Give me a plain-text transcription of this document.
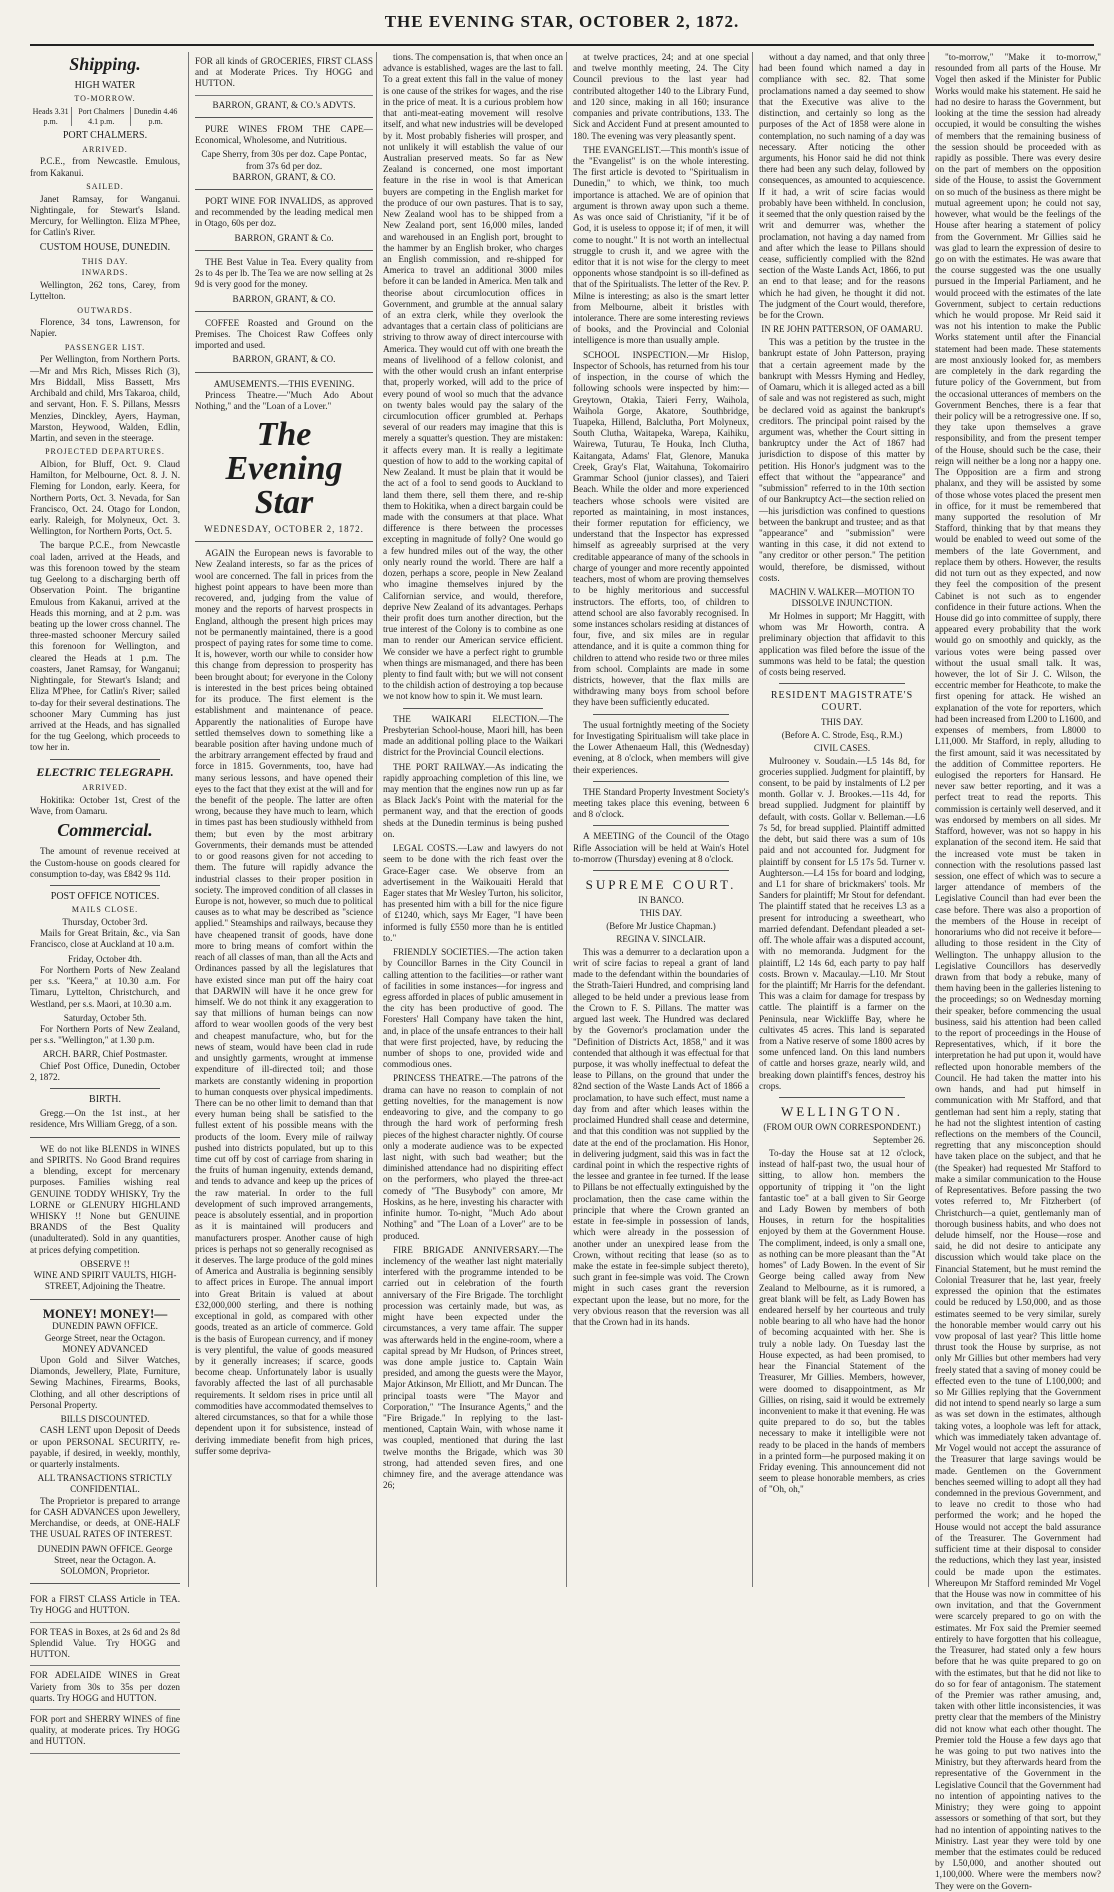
THE EVENING STAR, OCTOBER 2, 1872.
Shipping.
HIGH WATER
TO-MORROW.
Heads 3.31 p.m.	Port Chalmers 4.1 p.m.	Dunedin 4.46 p.m.
PORT CHALMERS.
ARRIVED.

P.C.E., from Newcastle. Emulous, from Kakanui.

SAILED.

Janet Ramsay, for Wanganui. Nightingale, for Stewart's Island. Mercury, for Wellington. Eliza M'Phee, for Catlin's River.

CUSTOM HOUSE, DUNEDIN.
THIS DAY.
INWARDS.

Wellington, 262 tons, Carey, from Lyttelton.

OUTWARDS.

Florence, 34 tons, Lawrenson, for Napier.

PASSENGER LIST.

Per Wellington, from Northern Ports.—Mr and Mrs Rich, Misses Rich (3), Mrs Biddall, Miss Bassett, Mrs Archibald and child, Mrs Takaroa, child, and servant, Hon. F. S. Pillans, Messrs Menzies, Dinckley, Ayers, Hayman, Marston, Heywood, Walden, Edlin, Martin, and seven in the steerage.

PROJECTED DEPARTURES.

Albion, for Bluff, Oct. 9. Claud Hamilton, for Melbourne, Oct. 8. J. N. Fleming for London, early. Keera, for Northern Ports, Oct. 3. Nevada, for San Francisco, Oct. 24. Otago for London, early. Raleigh, for Molyneux, Oct. 3. Wellington, for Northern Ports, Oct. 5.

The barque P.C.E., from Newcastle coal laden, arrived at the Heads, and was this forenoon towed by the steam tug Geelong to a discharging berth off Observation Point. The brigantine Emulous from Kakanui, arrived at the Heads this morning, and at 2 p.m. was beating up the lower cross channel. The three-masted schooner Mercury sailed this forenoon for Wellington, and cleared the Heads at 1 p.m. The coasters, Janet Ramsay, for Wanganui; Nightingale, for Stewart's Island; and Eliza M'Phee, for Catlin's River; sailed to-day for their several destinations. The schooner Mary Cumming has just arrived at the Heads, and has signalled for the tug Geelong, which proceeds to tow her in.

ELECTRIC TELEGRAPH.
ARRIVED.

Hokitika: October 1st, Crest of the Wave, from Oamaru.

Commercial.

The amount of revenue received at the Custom-house on goods cleared for consumption to-day, was £842 9s 11d.

POST OFFICE NOTICES.
MAILS CLOSE.
Thursday, October 3rd.

Mails for Great Britain, &c., via San Francisco, close at Auckland at 10 a.m.

Friday, October 4th.

For Northern Ports of New Zealand per s.s. "Keera," at 10.30 a.m. For Timaru, Lyttelton, Christchurch, and Westland, per s.s. Maori, at 10.30 a.m.

Saturday, October 5th.

For Northern Ports of New Zealand, per s.s. "Wellington," at 1.30 p.m.

ARCH. BARR, Chief Postmaster.

Chief Post Office, Dunedin, October 2, 1872.

BIRTH.

Gregg.—On the 1st inst., at her residence, Mrs William Gregg, of a son.

WE do not like BLENDS in WINES and SPIRITS. No Good Brand requires a blending, except for mercenary purposes. Families wishing real GENUINE TODDY WHISKY, Try the LORNE or GLENURY HIGHLAND WHISKY !! None but GENUINE BRANDS of the Best Quality (unadulterated). Sold in any quantities, at prices defying competition.

OBSERVE !!
WINE AND SPIRIT VAULTS, HIGH-STREET, Adjoining the Theatre.
MONEY! MONEY!—
DUNEDIN PAWN OFFICE.
George Street, near the Octagon.
MONEY ADVANCED

Upon Gold and Silver Watches, Diamonds, Jewellery, Plate, Furniture, Sewing Machines, Firearms, Books, Clothing, and all other descriptions of Personal Property.

BILLS DISCOUNTED.

CASH LENT upon Deposit of Deeds or upon PERSONAL SECURITY, re-payable, if desired, in weekly, monthly, or quarterly instalments.

ALL TRANSACTIONS STRICTLY CONFIDENTIAL.

The Proprietor is prepared to arrange for CASH ADVANCES upon Jewellery, Merchandise, or deeds, at ONE-HALF THE USUAL RATES OF INTEREST.

DUNEDIN PAWN OFFICE. George Street, near the Octagon. A. SOLOMON, Proprietor.
FOR a FIRST CLASS Article in TEA. Try HOGG and HUTTON.
FOR TEAS in Boxes, at 2s 6d and 2s 8d Splendid Value. Try HOGG and HUTTON.
FOR ADELAIDE WINES in Great Variety from 30s to 35s per dozen quarts. Try HOGG and HUTTON.
FOR port and SHERRY WINES of fine quality, at moderate prices. Try HOGG and HUTTON.
FOR all kinds of GROCERIES, FIRST CLASS and at Moderate Prices. Try HOGG and HUTTON.
BARRON, GRANT, & CO.'s ADVTS.

PURE WINES FROM THE CAPE—Economical, Wholesome, and Nutritious.

Cape Sherry, from 30s per doz. Cape Pontac, from 37s 6d per doz.
BARRON, GRANT, & CO.

PORT WINE FOR INVALIDS, as approved and recommended by the leading medical men in Otago, 60s per doz.

BARRON, GRANT & Co.

THE Best Value in Tea. Every quality from 2s to 4s per lb. The Tea we are now selling at 2s 9d is very good for the money.

BARRON, GRANT, & CO.

COFFEE Roasted and Ground on the Premises. The Choicest Raw Coffees only imported and used.

BARRON, GRANT, & CO.
AMUSEMENTS.—THIS EVENING.

Princess Theatre.—"Much Ado About Nothing," and the "Loan of a Lover."

The Evening Star
WEDNESDAY, OCTOBER 2, 1872.

AGAIN the European news is favorable to New Zealand interests, so far as the prices of wool are concerned. The fall in prices from the highest point appears to have been more than recovered, and, judging from the value of money and the reports of harvest prospects in England, although the present high prices may not be permanently maintained, there is a good prospect of paying rates for some time to come. It is, however, worth our while to consider how this change from depression to prosperity has been brought about; for everyone in the Colony is interested in the best prices being obtained for its produce. The first element is the establishment and maintenance of peace. Apparently the nationalities of Europe have settled themselves down to something like a bearable position after having undone much of the arbitrary arrangement effected by fraud and force in 1815. Governments, too, have had many serious lessons, and have opened their eyes to the fact that they exist at the will and for the benefit of the people. The latter are often wrong, because they have much to learn, which in times past has been studiously withheld from them; but even by the most arbitrary Governments, their demands must be attended to or good reasons given for not acceding to them. The future will rapidly advance the industrial classes to their proper position in society. The improved condition of all classes in Europe is not, however, so much due to political causes as to what may be described as "science applied." Steamships and railways, because they have cheapened transit of goods, have done more to bring means of comfort within the reach of all classes of man, than all the Acts and Ordinances passed by all the legislatures that have existed since man put off the hairy coat that DARWIN will have it he once grew for himself. We do not think it any exaggeration to say that millions of human beings can now afford to wear woollen goods of the very best and cheapest manufacture, who, but for the news of steam, would have been clad in rude and unsightly garments, wrought at immense expenditure of ill-directed toil; and those markets are constantly widening in proportion to human conquests over physical impediments. There can be no other limit to demand than that every human being shall be satisfied to the fullest extent of his possible means with the products of the loom. Every mile of railway pushed into districts populated, but up to this time cut off by cost of carriage from sharing in the fruits of human ingenuity, extends demand, and tends to advance and keep up the prices of the raw material. In order to the full development of such improved arrangements, peace is absolutely essential, and in proportion as it is maintained will producers and manufacturers prosper. Another cause of high prices is perhaps not so generally recognised as it deserves. The large produce of the gold mines of America and Australia is beginning sensibly to affect prices in Europe. The annual import into Great Britain is valued at about £32,000,000 sterling, and there is nothing exceptional in gold, as compared with other goods, treated as an article of commerce. Gold is the basis of European currency, and if money is very plentiful, the value of goods measured by it generally increases; if scarce, goods become cheap. Unfortunately labor is usually favorably affected the last of all purchasable requirements. It seldom rises in price until all commodities have accommodated themselves to altered circumstances, so that for a while those dependent upon it for subsistence, instead of deriving immediate benefit from high prices, suffer some depriva-

tions. The compensation is, that when once an advance is established, wages are the last to fall. To a great extent this fall in the value of money is one cause of the strikes for wages, and the rise in the price of meat. It is a curious problem how that anti-meat-eating movement will resolve itself, and what new industries will be developed by it. Most probably fisheries will prosper, and not unlikely it will establish the value of our Australian preserved meats. So far as New Zealand is concerned, one most important feature in the rise in wool is that American buyers are competing in the English market for the produce of our own pastures. That is to say, New Zealand wool has to be shipped from a New Zealand port, sent 16,000 miles, landed and warehoused in an English port, brought to the hammer by an English broker, who charges an English commission, and re-shipped for America to travel an additional 3000 miles before it can be landed in America. Men talk and theorise about circumlocution offices in Government, and grumble at the annual salary of an extra clerk, while they overlook the advantages that a certain class of politicians are striving to throw away of direct intercourse with America. They would cut off with one breath the means of livelihood of a fellow colonist, and with the other would crush an infant enterprise that, properly worked, will add to the price of every pound of wool so much that the advance on twenty bales would pay the salary of the circumlocution officer grumbled at. Perhaps several of our readers may imagine that this is merely a squatter's question. They are mistaken: it affects every man. It is really a legitimate question of how to add to the working capital of New Zealand. It must be plain that it would be the act of a fool to send goods to Auckland to land them there, sell them there, and re-ship them to Hokitika, when a direct bargain could be made with the consumers at that place. What difference is there between the processes excepting in magnitude of folly? One would go a few hundred miles out of the way, the other only nearly round the world. There are half a dozen, perhaps a score, people in New Zealand who imagine themselves injured by the Californian service, and would, therefore, deprive New Zealand of its advantages. Perhaps their profit does turn another direction, but the true interest of the Colony is to combine as one man to render our American service efficient. We consider we have a perfect right to grumble when things are mismanaged, and there has been plenty to find fault with; but we will not consent to the childish action of destroying a top because we not know how to spin it. We must learn.

THE WAIKARI ELECTION.—The Presbyterian School-house, Maori hill, has been made an additional polling place to the Waikari district for the Provincial Council elections.

THE PORT RAILWAY.—As indicating the rapidly approaching completion of this line, we may mention that the engines now run up as far as Black Jack's Point with the material for the permanent way, and that the erection of goods sheds at the Dunedin terminus is being pushed on.

LEGAL COSTS.—Law and lawyers do not seem to be done with the rich feast over the Grace-Eager case. We observe from an advertisement in the Waikouaiti Herald that Eager states that Mr Wesley Turton, his solicitor, has presented him with a bill for the nice figure of £1240, which, says Mr Eager, "I have been informed is fully £550 more than he is entitled to."

FRIENDLY SOCIETIES.—The action taken by Councillor Barnes in the City Council in calling attention to the facilities—or rather want of facilities in some instances—for ingress and egress afforded in places of public amusement in the city has been productive of good. The Foresters' Hall Company have taken the hint, and, in place of the unsafe entrances to their hall that were first projected, have, by reducing the number of shops to one, provided wide and commodious ones.

PRINCESS THEATRE.—The patrons of the drama can have no reason to complain of not getting novelties, for the management is now endeavoring to give, and the company to go through the hard work of performing fresh pieces of the highest character nightly. Of course only a moderate audience was to be expected last night, with such bad weather; but the diminished attendance had no dispiriting effect on the performers, who played the three-act comedy of "The Busybody" con amore, Mr Hoskins, as he here, investing his character with infinite humor. To-night, "Much Ado about Nothing" and "The Loan of a Lover" are to be produced.

FIRE BRIGADE ANNIVERSARY.—The inclemency of the weather last night materially interfered with the programme intended to be carried out in celebration of the fourth anniversary of the Fire Brigade. The torchlight procession was certainly made, but was, as might have been expected under the circumstances, a very tame affair. The supper was afterwards held in the engine-room, where a capital spread by Mr Hudson, of Princes street, was done ample justice to. Captain Wain presided, and among the guests were the Mayor, Major Atkinson, Mr Elliott, and Mr Duncan. The principal toasts were "The Mayor and Corporation," "The Insurance Agents," and the "Fire Brigade." In replying to the last-mentioned, Captain Wain, with whose name it was coupled, mentioned that during the last twelve months the Brigade, which was 30 strong, had attended seven fires, and one chimney fire, and the average attendance was 26;

at twelve practices, 24; and at one special and twelve monthly meeting, 24. The City Council previous to the last year had contributed altogether 140 to the Library Fund, and 120 since, making in all 160; insurance companies and private contributions, 133. The Sick and Accident Fund at present amounted to 180. The evening was very pleasantly spent.

THE EVANGELIST.—This month's issue of the "Evangelist" is on the whole interesting. The first article is devoted to "Spiritualism in Dunedin," to which, we think, too much importance is attached. We are of opinion that argument is thrown away upon such a theme. As was once said of Christianity, "if it be of God, it is useless to oppose it; if of men, it will come to nought." It is not worth an intellectual struggle to crush it, and we agree with the editor that it is not wise for the clergy to meet opponents whose standpoint is so ill-defined as that of the Spiritualists. The letter of the Rev. P. Milne is interesting; as also is the smart letter from Melbourne, albeit it bristles with intolerance. There are some interesting reviews of books, and the Provincial and Colonial intelligence is more than usually ample.

SCHOOL INSPECTION.—Mr Hislop, Inspector of Schools, has returned from his tour of inspection, in the course of which the following schools were inspected by him:—Greytown, Otakia, Taieri Ferry, Waihola, Waihola Gorge, Akatore, Southbridge, Tuapeka, Hillend, Balclutha, Port Molyneux, South Clutha, Waitapeka, Warepa, Kaihiku, Wairewa, Tuturau, Te Houka, Inch Clutha, Kaitangata, Adams' Flat, Glenore, Manuka Creek, Gray's Flat, Waitahuna, Tokomairiro Grammar School (junior classes), and Taieri Beach. While the older and more experienced teachers whose schools were visited are reported as maintaining, in most instances, their former reputation for efficiency, we understand that the Inspector has expressed himself as agreeably surprised at the very creditable appearance of many of the schools in charge of younger and more recently appointed teachers, most of whom are proving themselves to be highly meritorious and successful instructors. The efforts, too, of children to attend school are also favorably recognised. In some instances scholars residing at distances of four, five, and six miles are in regular attendance, and it is quite a common thing for children to attend who reside two or three miles from school. Complaints are made in some districts, however, that the flax mills are withdrawing many boys from school before they have been sufficiently educated.

The usual fortnightly meeting of the Society for Investigating Spiritualism will take place in the Lower Athenaeum Hall, this (Wednesday) evening, at 8 o'clock, when members will give their experiences.

THE Standard Property Investment Society's meeting takes place this evening, between 6 and 8 o'clock.

A MEETING of the Council of the Otago Rifle Association will be held at Wain's Hotel to-morrow (Thursday) evening at 8 o'clock.

SUPREME COURT.
IN BANCO.
THIS DAY.
(Before Mr Justice Chapman.)
REGINA V. SINCLAIR.

This was a demurrer to a declaration upon a writ of scire facias to repeal a grant of land made to the defendant within the boundaries of the Strath-Taieri Hundred, and comprising land alleged to be held under a previous lease from the Crown to F. S. Pillans. The matter was argued last week. The Hundred was declared by the Governor's proclamation under the "Definition of Districts Act, 1858," and it was contended that although it was effectual for that purpose, it was wholly ineffectual to defeat the lease to Pillans, on the ground that under the 82nd section of the Waste Lands Act of 1866 a proclamation, to have such effect, must name a day from and after which leases within the proclaimed Hundred shall cease and determine, and that this condition was not supplied by the date at the end of the proclamation. His Honor, in delivering judgment, said this was in fact the cardinal point in which the respective rights of the lessee and grantee in fee turned. If the lease to Pillans be not effectually extinguished by the proclamation, then the case came within the principle that where the Crown granted an estate in fee-simple in possession of lands, which were already in the possession of another under an unexpired lease from the Crown, without reciting that lease (so as to make the estate in fee-simple subject thereto), such grant in fee-simple was void. The Crown might in such cases grant the reversion expectant upon the lease, but no more, for the very obvious reason that the reversion was all that the Crown had in its hands.

without a day named, and that only three had been found which named a day in compliance with sec. 82. That some proclamations named a day seemed to show that the Executive was alive to the distinction, and certainly so long as the purposes of the Act of 1858 were alone in contemplation, no such naming of a day was necessary. After noticing the other arguments, his Honor said he did not think there had been any such delay, followed by consequences, as amounted to acquiescence. If it had, a writ of scire facias would probably have been withheld. In conclusion, it seemed that the only question raised by the writ and demurrer was, whether the proclamation, not having a day named from and after which the lease to Pillans should cease, sufficiently complied with the 82nd section of the Waste Lands Act, 1866, to put an end to that lease; and for the reasons which he had given, he thought it did not. The judgment of the Court would, therefore, be for the Crown.

IN RE JOHN PATTERSON, OF OAMARU.

This was a petition by the trustee in the bankrupt estate of John Patterson, praying that a certain agreement made by the bankrupt with Messrs Hyming and Hedley, of Oamaru, which it is alleged acted as a bill of sale and was not registered as such, might be declared void as against the bankrupt's creditors. The principal point raised by the argument was, whether the Court sitting in bankruptcy under the Act of 1867 had jurisdiction to dispose of this matter by petition. His Honor's judgment was to the effect that without the "appearance" and "submission" referred to in the 10th section of our Bankruptcy Act—the section relied on—his jurisdiction was confined to questions between the bankrupt and trustee; and as that "appearance" and "submission" were wanting in this case, it did not extend to "any creditor or other person." The petition would, therefore, be dismissed, without costs.

MACHIN V. WALKER—MOTION TO DISSOLVE INJUNCTION.

Mr Holmes in support; Mr Haggitt, with whom was Mr Howorth, contra. A preliminary objection that affidavit to this application was filed before the issue of the summons was held to be fatal; the question of costs being reserved.

RESIDENT MAGISTRATE'S COURT.
THIS DAY.
(Before A. C. Strode, Esq., R.M.)
CIVIL CASES.

Mulrooney v. Soudain.—L5 14s 8d, for groceries supplied. Judgment for plaintiff, by consent, to be paid by instalments of L2 per month. Gollar v. J. Brookes.—11s 4d, for bread supplied. Judgment for plaintiff by default, with costs. Gollar v. Belleman.—L6 7s 5d, for bread supplied. Plaintiff admitted the debt, but said there was a sum of 10s paid and not accounted for. Judgment for plaintiff by consent for L5 17s 5d. Turner v. Aughterson.—L4 15s for board and lodging, and L1 for share of brickmakers' tools. Mr Sanders for plaintiff; Mr Stout for defendant. The plaintiff stated that he receives L3 as a present for introducing a sweetheart, who married defendant. Defendant pleaded a set-off. The whole affair was a disputed account, with no memoranda. Judgment for the plaintiff, L2 14s 6d, each party to pay half costs. Brown v. Macaulay.—L10. Mr Stout for the plaintiff; Mr Harris for the defendant. This was a claim for damage for trespass by cattle. The plaintiff is a farmer on the Peninsula, near Wickliffe Bay, where he cultivates 45 acres. This land is separated from a Native reserve of some 1800 acres by some unfenced land. On this land numbers of cattle and horses graze, nearly wild, and breaking down plaintiff's fences, destroy his crops.

WELLINGTON.
(FROM OUR OWN CORRESPONDENT.)
September 26.

To-day the House sat at 12 o'clock, instead of half-past two, the usual hour of sitting, to allow hon. members the opportunity of tripping it "on the light fantastic toe" at a ball given to Sir George and Lady Bowen by members of both Houses, in return for the hospitalities enjoyed by them at the Government House. The compliment, indeed, is only a small one, as nothing can be more pleasant than the "At homes" of Lady Bowen. In the event of Sir George being called away from New Zealand to Melbourne, as it is rumored, a great blank will be felt, as Lady Bowen has endeared herself by her courteous and truly noble bearing to all who have had the honor of becoming acquainted with her. She is truly a noble lady. On Tuesday last the House expected, as had been promised, to hear the Financial Statement of the Treasurer, Mr Gillies. Members, however, were doomed to disappointment, as Mr Gillies, on rising, said it would be extremely inconvenient to make it that evening. He was quite prepared to do so, but the tables necessary to make it intelligible were not ready to be placed in the hands of members in a printed form—he purposed making it on Friday evening. This announcement did not seem to please honorable members, as cries of "Oh, oh,"

"to-morrow," "Make it to-morrow," resounded from all parts of the House. Mr Vogel then asked if the Minister for Public Works would make his statement. He said he had no desire to harass the Government, but looking at the time the session had already occupied, it would be consulting the wishes of members that the remaining business of the session should be proceeded with as rapidly as possible. There was every desire on the part of members on the opposition side of the House, to assist the Government on so much of the business as there might be mutual agreement upon; he could not say, however, what would be the feelings of the House after hearing a statement of policy from the Government. Mr Gillies said he was glad to learn the expression of desire to go on with the estimates. He was aware that the course suggested was the one usually pursued in the Imperial Parliament, and he would proceed with the estimates of the late Government, subject to certain reductions which he would propose. Mr Reid said it was not his intention to make the Public Works statement until after the Financial statement had been made. These statements are most anxiously looked for, as members are completely in the dark regarding the future policy of the Government, but from the occasional utterances of members on the Government Benches, there is a fear that their policy will be a retrogressive one. If so, they take upon themselves a grave responsibility, and from the present temper of the House, should such be the case, their reign will neither be a long nor a happy one. The Opposition are a firm and strong phalanx, and they will be assisted by some of those whose votes placed the present men in office, for it must be remembered that many supported the resolution of Mr Stafford, thinking that by that means they would be enabled to weed out some of the members of the late Government, and replace them by others. However, the results did not turn out as they expected, and now they feel the composition of the present Cabinet is not such as to engender confidence in their future actions. When the House did go into committee of supply, there appeared every probability that the work would go on smoothly and quickly, as the various votes were being passed over without the usual small talk. It was, however, the lot of Sir J. C. Wilson, the eccentric member for Heathcote, to make the first opening for attack. He wished an explanation of the vote for reporters, which had been increased from L200 to L1600, and expenses of members, from L8000 to L11,000. Mr Stafford, in reply, alluding to the first amount, said it was necessitated by the addition of Committee reporters. He eulogised the reporters for Hansard. He never saw better reporting, and it was a perfect treat to read the reports. This commission is certainly well deserved, and it was endorsed by members on all sides. Mr Stafford, however, was not so happy in his explanation of the second item. He said that the increased vote must be taken in connection with the resolutions passed last session, one effect of which was to secure a larger attendance of members of the Legislative Council than had ever been the case before. There was also a proportion of the members of the House in receipt of honorariums who did not receive it before—alluding to those resident in the City of Wellington. The unhappy allusion to the Legislative Councillors has deservedly drawn from that body a rebuke, many of them having been in the galleries listening to the proceedings; so on Wednesday morning their speaker, before commencing the usual business, said his attention had been called to the report of proceedings in the House of Representatives, which, if it bore the interpretation he had put upon it, would have reflected upon honorable members of the Council. He had taken the matter into his own hands, and had put himself in communication with Mr Stafford, and that gentleman had sent him a reply, stating that he had not the slightest intention of casting reflections on the members of the Council, regretting that any misconception should have taken place on the subject, and that he (the Speaker) had requested Mr Stafford to make a similar communication to the House of Representatives. Before passing the two votes referred to, Mr Fitzherbert (of Christchurch—a quiet, gentlemanly man of thorough business habits, and who does not delude himself, nor the House—rose and said, he did not desire to anticipate any discussion which would take place on the Financial Statement, but he must remind the Colonial Treasurer that he, last year, freely expressed the opinion that the estimates could be reduced by L50,000, and as those estimates seemed to be very similar, surely the honorable member would carry out his vow proposal of last year? This little home thrust took the House by surprise, as not only Mr Gillies but other members had very freely stated that a saving of money could be effected even to the tune of L100,000; and so Mr Gillies replying that the Government did not intend to spend nearly so large a sum as was set down in the estimates, although taking votes, a loophole was left for attack, which was immediately taken advantage of. Mr Vogel would not accept the assurance of the Treasurer that large savings would be made. Gentlemen on the Government benches seemed willing to adopt all they had condemned in the previous Government, and to leave no credit to those who had performed the work; and he hoped the House would not accept the bald assurance of the Treasurer. The Government had sufficient time at their disposal to consider the reductions, which they last year, insisted could be made upon the estimates. Whereupon Mr Stafford reminded Mr Vogel that the House was now in committee of his own invitation, and that the Government were scarcely prepared to go on with the estimates. Mr Fox said the Premier seemed entirely to have forgotten that his colleague, the Treasurer, had stated only a few hours before that he was quite prepared to go on with the estimates, but that he did not like to do so for fear of antagonism. The statement of the Premier was rather amusing, and, taken with other little inconsistencies, it was pretty clear that the members of the Ministry did not know what each other thought. The Premier told the House a few days ago that he was going to put two natives into the Ministry, but they afterwards heard from the representative of the Government in the Legislative Council that the Government had no intention of appointing natives to the Ministry; they were going to appoint assessors or something of that sort, but they had no intention of appointing natives to the Ministry. Last year they were told by one member that the estimates could be reduced by L50,000, and another shouted out 1,100,000. Where were the members now? They were on the Govern-
